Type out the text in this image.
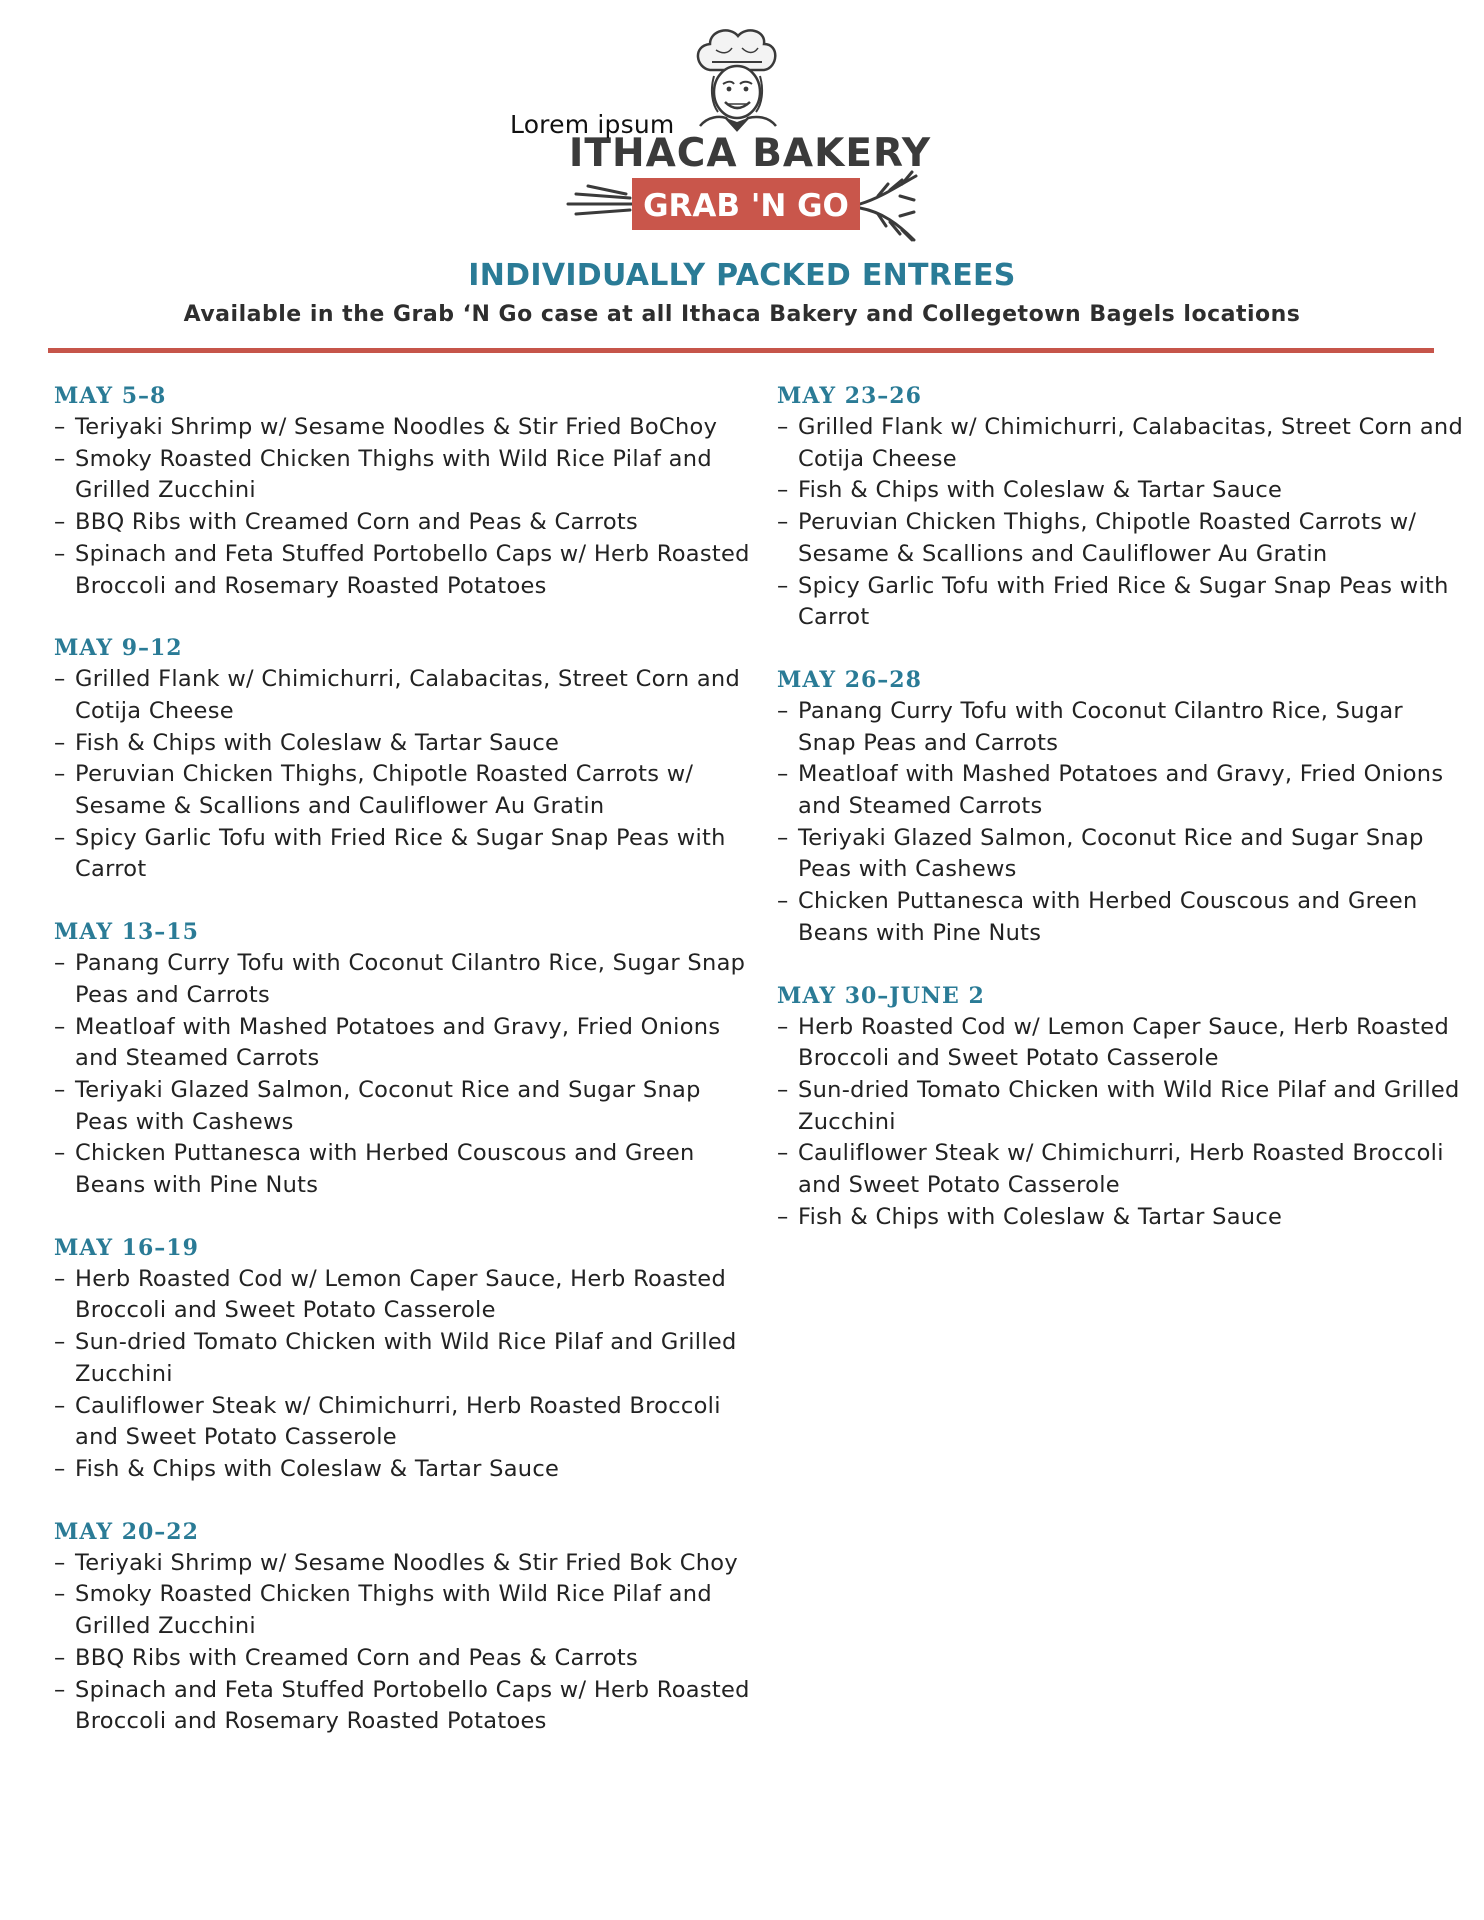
ITHACA BAKERY
GRAB 'N GO
Lorem ipsum
INDIVIDUALLY PACKED ENTREES
Available in the Grab ‘N Go case at all Ithaca Bakery and Collegetown Bagels locations
MAY 5–8
– Teriyaki Shrimp w/ Sesame Noodles & Stir Fried BoChoy
– Smoky Roasted Chicken Thighs with Wild Rice Pilaf and Grilled Zucchini
– BBQ Ribs with Creamed Corn and Peas & Carrots
– Spinach and Feta Stuffed Portobello Caps w/ Herb Roasted Broccoli and Rosemary Roasted Potatoes
MAY 9–12
– Grilled Flank w/ Chimichurri, Calabacitas, Street Corn and Cotija Cheese
– Fish & Chips with Coleslaw & Tartar Sauce
– Peruvian Chicken Thighs, Chipotle Roasted Carrots w/ Sesame & Scallions and Cauliflower Au Gratin
– Spicy Garlic Tofu with Fried Rice & Sugar Snap Peas with Carrot
MAY 13–15
– Panang Curry Tofu with Coconut Cilantro Rice, Sugar Snap Peas and Carrots
– Meatloaf with Mashed Potatoes and Gravy, Fried Onions and Steamed Carrots
– Teriyaki Glazed Salmon, Coconut Rice and Sugar Snap Peas with Cashews
– Chicken Puttanesca with Herbed Couscous and Green Beans with Pine Nuts
MAY 16–19
– Herb Roasted Cod w/ Lemon Caper Sauce, Herb Roasted Broccoli and Sweet Potato Casserole
– Sun-dried Tomato Chicken with Wild Rice Pilaf and Grilled Zucchini
– Cauliflower Steak w/ Chimichurri, Herb Roasted Broccoli and Sweet Potato Casserole
– Fish & Chips with Coleslaw & Tartar Sauce
MAY 20–22
– Teriyaki Shrimp w/ Sesame Noodles & Stir Fried Bok Choy
– Smoky Roasted Chicken Thighs with Wild Rice Pilaf and Grilled Zucchini
– BBQ Ribs with Creamed Corn and Peas & Carrots
– Spinach and Feta Stuffed Portobello Caps w/ Herb Roasted Broccoli and Rosemary Roasted Potatoes
MAY 23–26
– Grilled Flank w/ Chimichurri, Calabacitas, Street Corn and Cotija Cheese
– Fish & Chips with Coleslaw & Tartar Sauce
– Peruvian Chicken Thighs, Chipotle Roasted Carrots w/ Sesame & Scallions and Cauliflower Au Gratin
– Spicy Garlic Tofu with Fried Rice & Sugar Snap Peas with Carrot
MAY 26–28
– Panang Curry Tofu with Coconut Cilantro Rice, Sugar Snap Peas and Carrots
– Meatloaf with Mashed Potatoes and Gravy, Fried Onions and Steamed Carrots
– Teriyaki Glazed Salmon, Coconut Rice and Sugar Snap Peas with Cashews
– Chicken Puttanesca with Herbed Couscous and Green Beans with Pine Nuts
MAY 30–JUNE 2
– Herb Roasted Cod w/ Lemon Caper Sauce, Herb Roasted Broccoli and Sweet Potato Casserole
– Sun-dried Tomato Chicken with Wild Rice Pilaf and Grilled Zucchini
– Cauliflower Steak w/ Chimichurri, Herb Roasted Broccoli and Sweet Potato Casserole
– Fish & Chips with Coleslaw & Tartar Sauce
